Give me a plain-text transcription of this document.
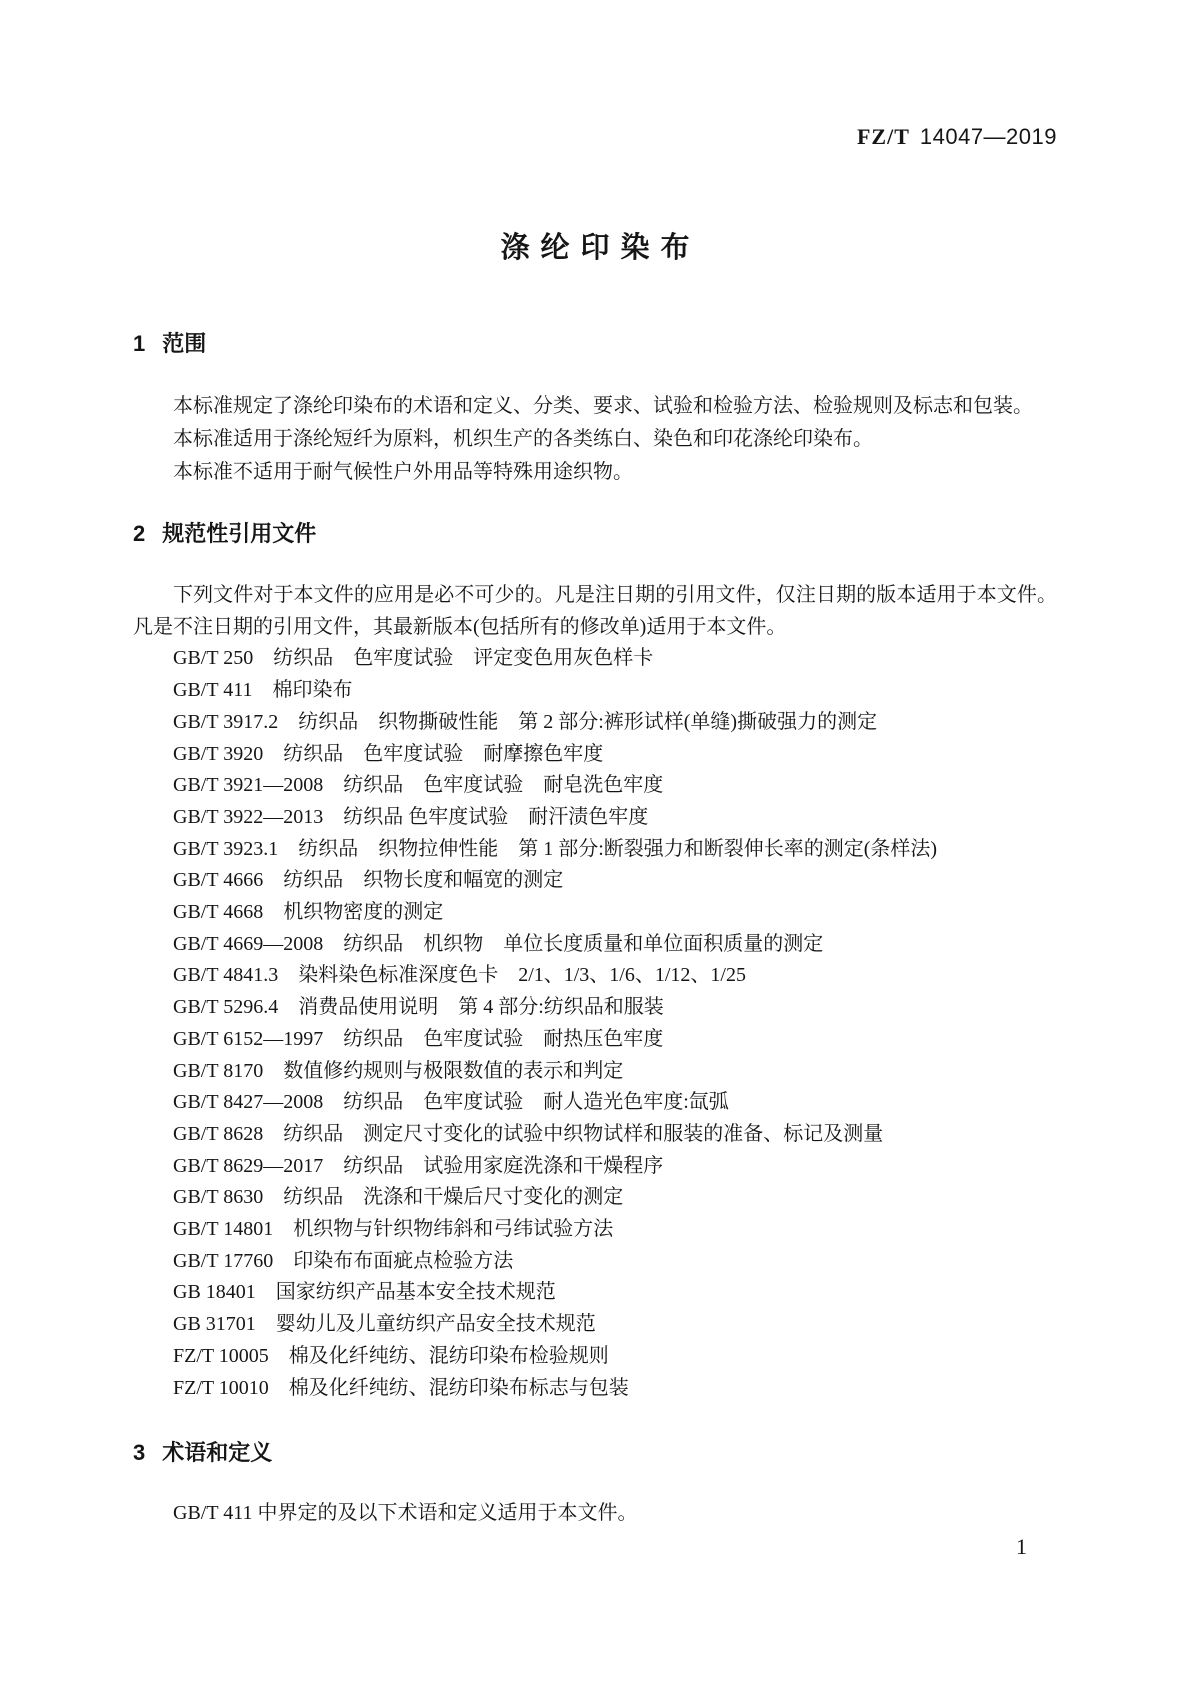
FZ/T 14047—2019
涤纶印染布
1 范围

本标准规定了涤纶印染布的术语和定义、分类、要求、试验和检验方法、检验规则及标志和包装。

本标准适用于涤纶短纤为原料，机织生产的各类练白、染色和印花涤纶印染布。

本标准不适用于耐气候性户外用品等特殊用途织物。

2 规范性引用文件

下列文件对于本文件的应用是必不可少的。凡是注日期的引用文件，仅注日期的版本适用于本文件。凡是不注日期的引用文件，其最新版本(包括所有的修改单)适用于本文件。

GB/T 250　纺织品　色牢度试验　评定变色用灰色样卡
GB/T 411　棉印染布
GB/T 3917.2　纺织品　织物撕破性能　第 2 部分:裤形试样(单缝)撕破强力的测定
GB/T 3920　纺织品　色牢度试验　耐摩擦色牢度
GB/T 3921—2008　纺织品　色牢度试验　耐皂洗色牢度
GB/T 3922—2013　纺织品 色牢度试验　耐汗渍色牢度
GB/T 3923.1　纺织品　织物拉伸性能　第 1 部分:断裂强力和断裂伸长率的测定(条样法)
GB/T 4666　纺织品　织物长度和幅宽的测定
GB/T 4668　机织物密度的测定
GB/T 4669—2008　纺织品　机织物　单位长度质量和单位面积质量的测定
GB/T 4841.3　染料染色标准深度色卡　2/1、1/3、1/6、1/12、1/25
GB/T 5296.4　消费品使用说明　第 4 部分:纺织品和服装
GB/T 6152—1997　纺织品　色牢度试验　耐热压色牢度
GB/T 8170　数值修约规则与极限数值的表示和判定
GB/T 8427—2008　纺织品　色牢度试验　耐人造光色牢度:氙弧
GB/T 8628　纺织品　测定尺寸变化的试验中织物试样和服装的准备、标记及测量
GB/T 8629—2017　纺织品　试验用家庭洗涤和干燥程序
GB/T 8630　纺织品　洗涤和干燥后尺寸变化的测定
GB/T 14801　机织物与针织物纬斜和弓纬试验方法
GB/T 17760　印染布布面疵点检验方法
GB 18401　国家纺织产品基本安全技术规范
GB 31701　婴幼儿及儿童纺织产品安全技术规范
FZ/T 10005　棉及化纤纯纺、混纺印染布检验规则
FZ/T 10010　棉及化纤纯纺、混纺印染布标志与包装
3 术语和定义

GB/T 411 中界定的及以下术语和定义适用于本文件。

1
